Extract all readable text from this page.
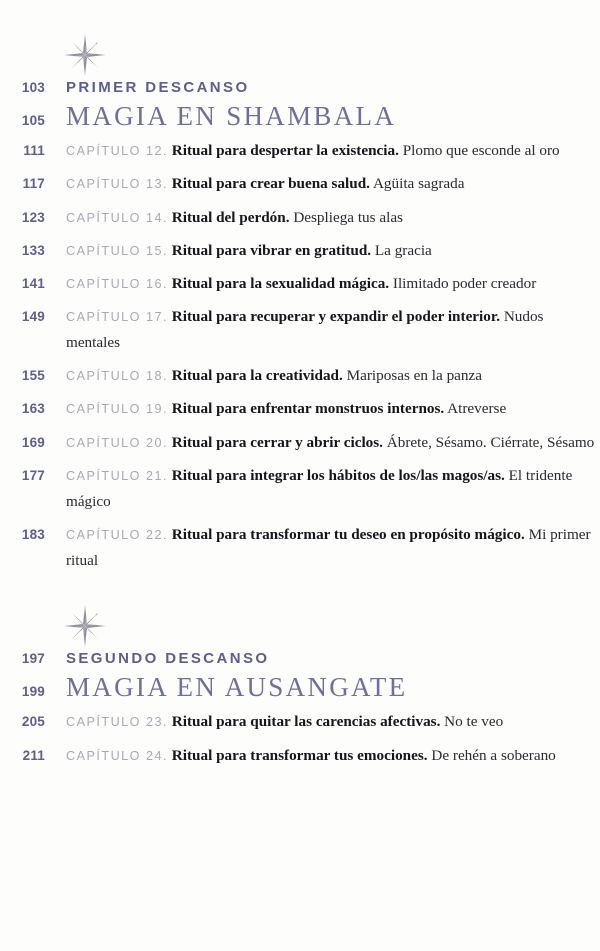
103 PRIMER DESCANSO
105 MAGIA EN SHAMBALA
111 CAPÍTULO 12. Ritual para despertar la existencia. Plomo que esconde al oro
117 CAPÍTULO 13. Ritual para crear buena salud. Agüita sagrada
123 CAPÍTULO 14. Ritual del perdón. Despliega tus alas
133 CAPÍTULO 15. Ritual para vibrar en gratitud. La gracia
141 CAPÍTULO 16. Ritual para la sexualidad mágica. Ilimitado poder creador
149 CAPÍTULO 17. Ritual para recuperar y expandir el poder interior. Nudos mentales
155 CAPÍTULO 18. Ritual para la creatividad. Mariposas en la panza
163 CAPÍTULO 19. Ritual para enfrentar monstruos internos. Atreverse
169 CAPÍTULO 20. Ritual para cerrar y abrir ciclos. Ábrete, Sésamo. Ciérrate, Sésamo
177 CAPÍTULO 21. Ritual para integrar los hábitos de los/las magos/as. El tridente mágico
183 CAPÍTULO 22. Ritual para transformar tu deseo en propósito mágico. Mi primer ritual
197 SEGUNDO DESCANSO
199 MAGIA EN AUSANGATE
205 CAPÍTULO 23. Ritual para quitar las carencias afectivas. No te veo
211 CAPÍTULO 24. Ritual para transformar tus emociones. De rehén a soberano
